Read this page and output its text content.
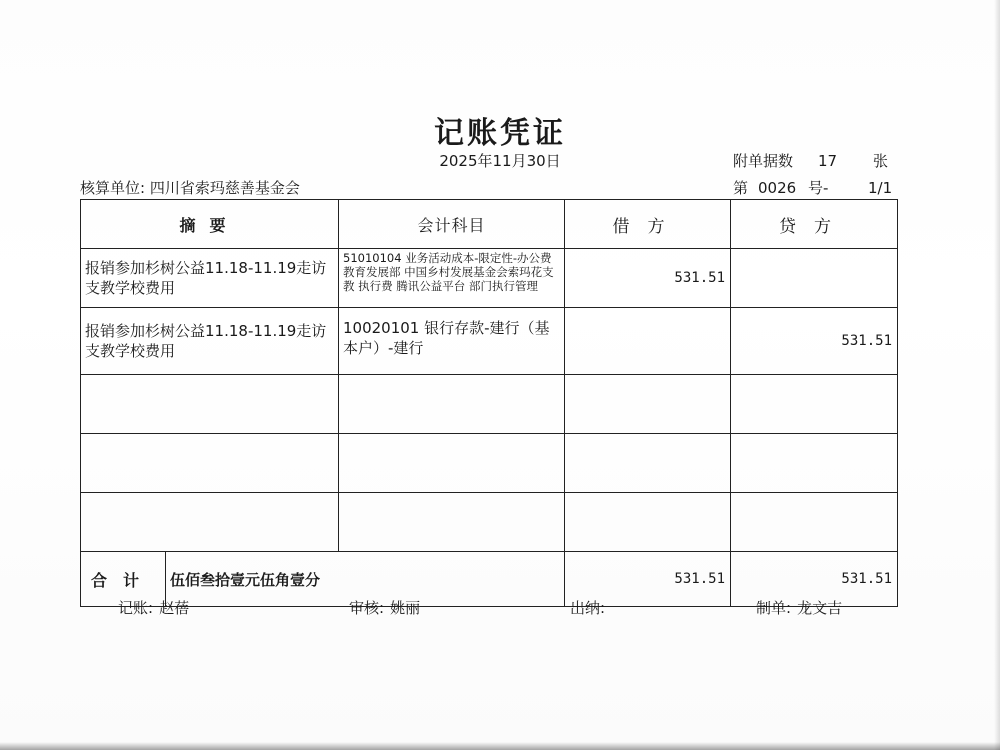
记账凭证
2025年11月30日	附单据数 17 张
核算单位: 四川省索玛慈善基金会	第 0026 号-	1/1
摘要	会计科目	借方	贷方
报销参加杉树公益11.18-11.19走访支教学校费用	51010104 业务活动成本-限定性-办公费 教育发展部 中国乡村发展基金会索玛花支教 执行费 腾讯公益平台 部门执行管理	531.51	
报销参加杉树公益11.18-11.19走访支教学校费用	10020101 银行存款-建行（基本户）-建行		531.51

合计 伍佰叁拾壹元伍角壹分		531.51	531.51
记账: 赵蓓	审核: 姚丽	出纳:	制单: 龙文吉
